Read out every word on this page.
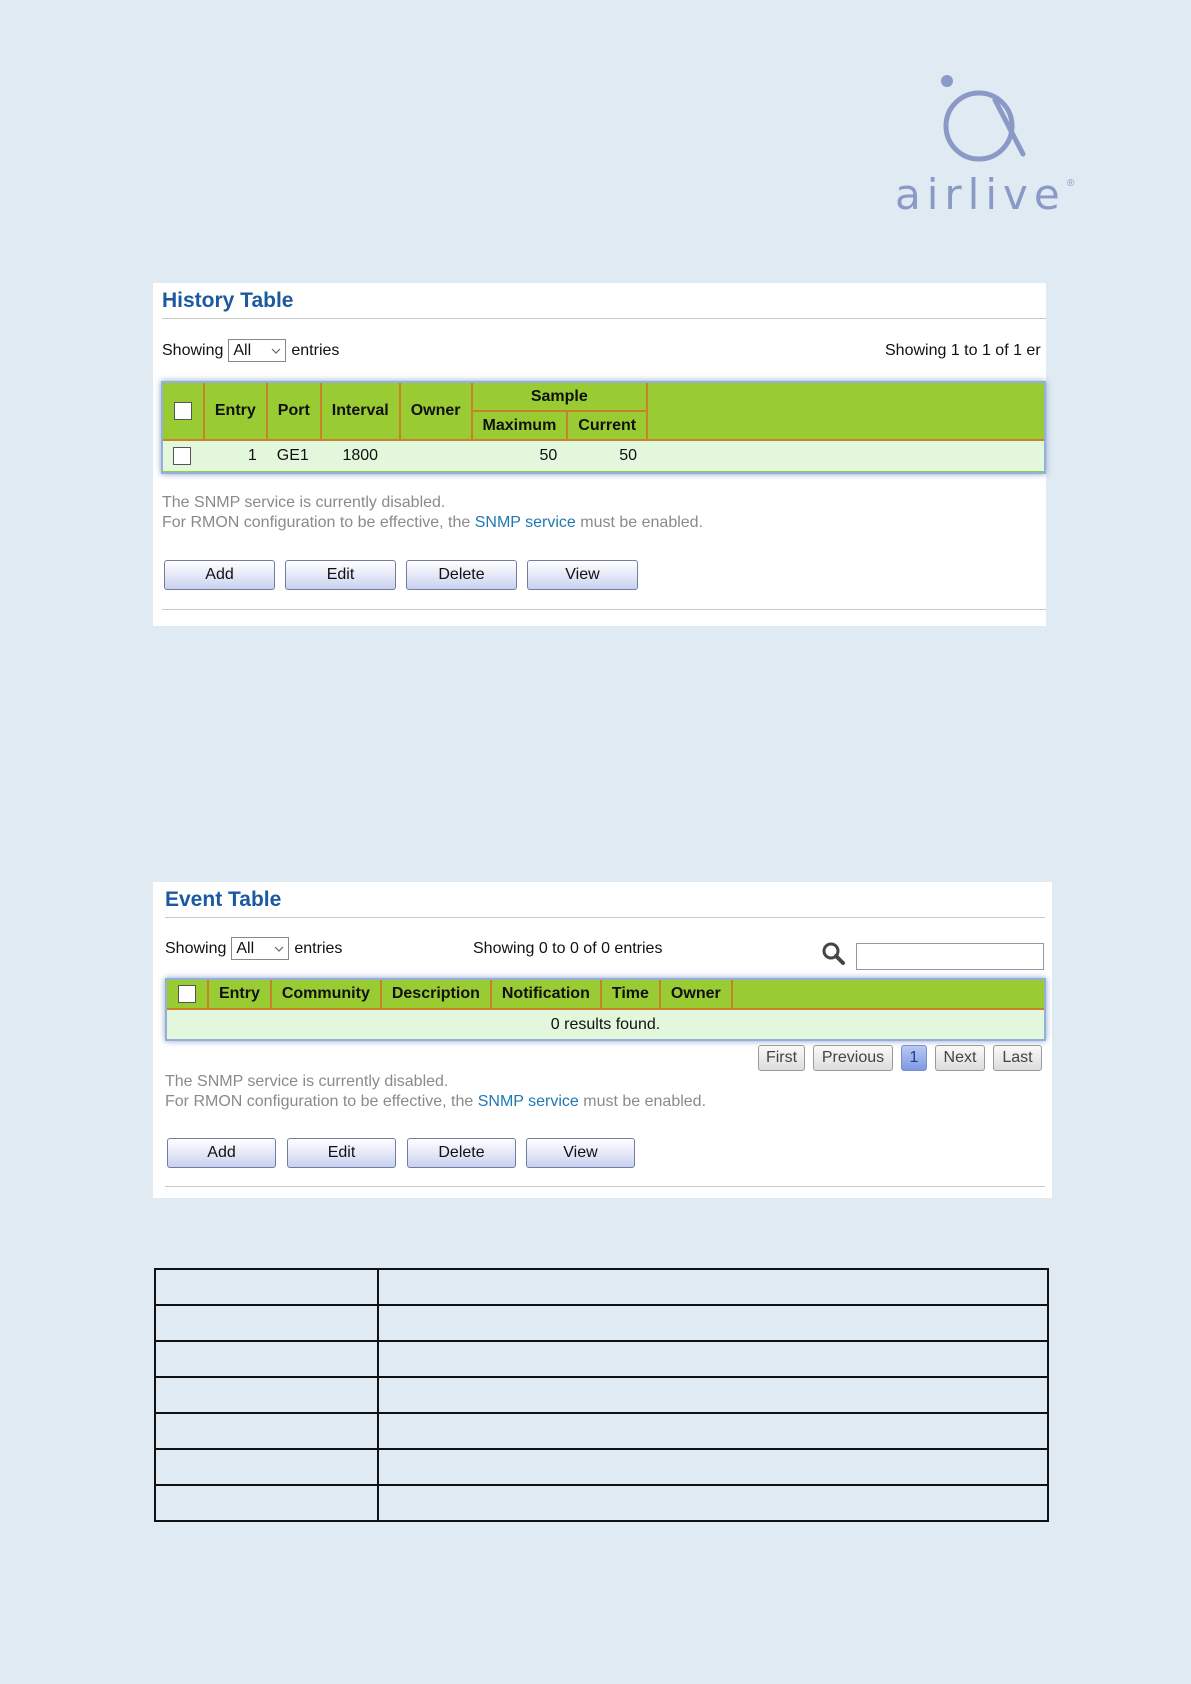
airlive ®
History Table
Showing All	entries	Showing 1 to 1 of 1 er
	Entry	Port	Interval	Owner	Sample		
					Maximum	Current	
	1	GE1	1800		50	50	
The SNMP service is currently disabled.
For RMON configuration to be effective, the SNMP service must be enabled.
Add	Edit	Delete	View
Event Table
Showing All	entries	Showing 0 to 0 of 0 entries
	Entry	Community	Description	Notification	Time	Owner	
0 results found.
First	Previous	1	Next	Last
The SNMP service is currently disabled.
For RMON configuration to be effective, the SNMP service must be enabled.
Add	Edit	Delete	View
